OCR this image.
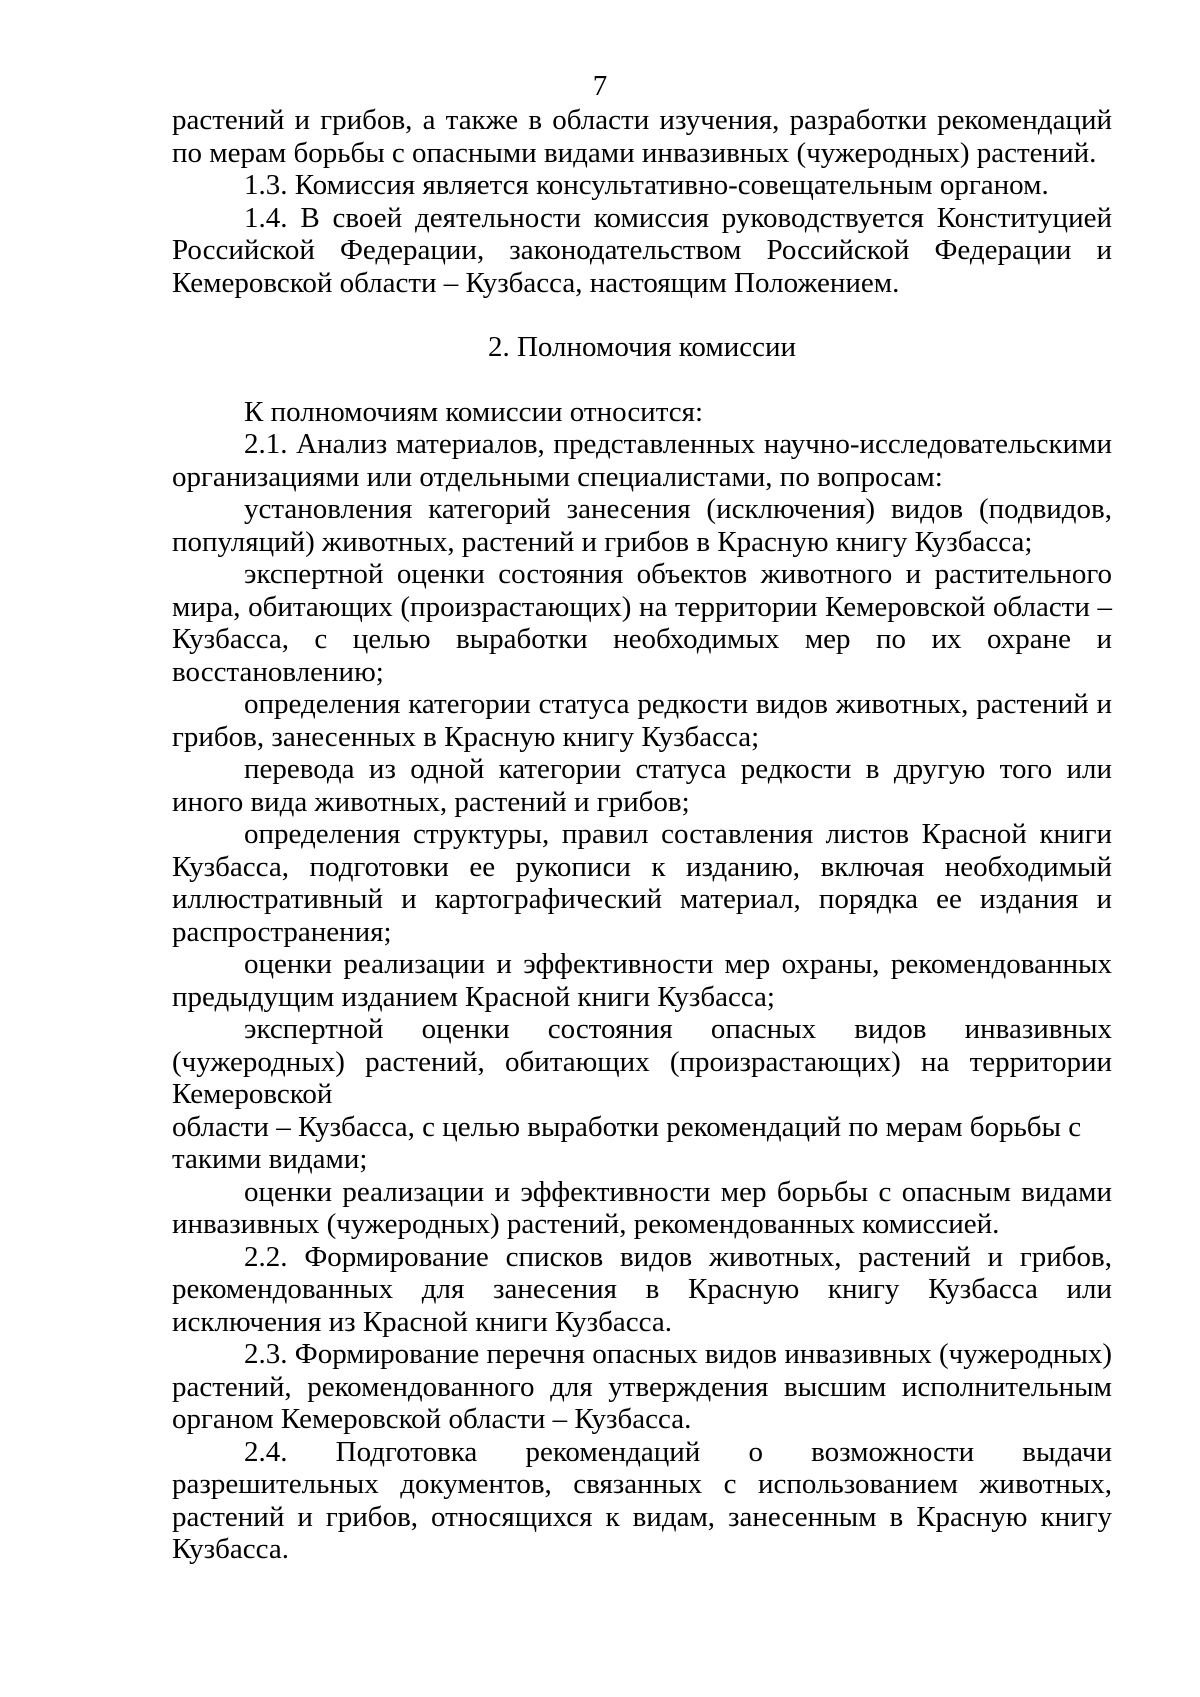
7

растений и грибов, а также в области изучения, разработки рекомендаций по мерам борьбы с опасными видами инвазивных (чужеродных) растений.

1.3. Комиссия является консультативно-совещательным органом.

1.4. В своей деятельности комиссия руководствуется Конституцией Российской Федерации, законодательством Российской Федерации и Кемеровской области – Кузбасса, настоящим Положением.

2. Полномочия комиссии

К полномочиям комиссии относится:

2.1. Анализ материалов, представленных научно-исследовательскими организациями или отдельными специалистами, по вопросам:

установления категорий занесения (исключения) видов (подвидов, популяций) животных, растений и грибов в Красную книгу Кузбасса;

экспертной оценки состояния объектов животного и растительного мира, обитающих (произрастающих) на территории Кемеровской области – Кузбасса, с целью выработки необходимых мер по их охране и восстановлению;

определения категории статуса редкости видов животных, растений и грибов, занесенных в Красную книгу Кузбасса;

перевода из одной категории статуса редкости в другую того или иного вида животных, растений и грибов;

определения структуры, правил составления листов Красной книги Кузбасса, подготовки ее рукописи к изданию, включая необходимый иллюстративный и картографический материал, порядка ее издания и распространения;

оценки реализации и эффективности мер охраны, рекомендованных предыдущим изданием Красной книги Кузбасса;

экспертной оценки состояния опасных видов инвазивных (чужеродных) растений, обитающих (произрастающих) на территории Кемеровской

области – Кузбасса, с целью выработки рекомендаций по мерам борьбы с такими видами;

оценки реализации и эффективности мер борьбы с опасным видами инвазивных (чужеродных) растений, рекомендованных комиссией.

2.2. Формирование списков видов животных, растений и грибов, рекомендованных для занесения в Красную книгу Кузбасса или исключения из Красной книги Кузбасса.

2.3. Формирование перечня опасных видов инвазивных (чужеродных) растений, рекомендованного для утверждения высшим исполнительным органом Кемеровской области – Кузбасса.

2.4. Подготовка рекомендаций о возможности выдачи разрешительных документов, связанных с использованием животных, растений и грибов, относящихся к видам, занесенным в Красную книгу Кузбасса.
